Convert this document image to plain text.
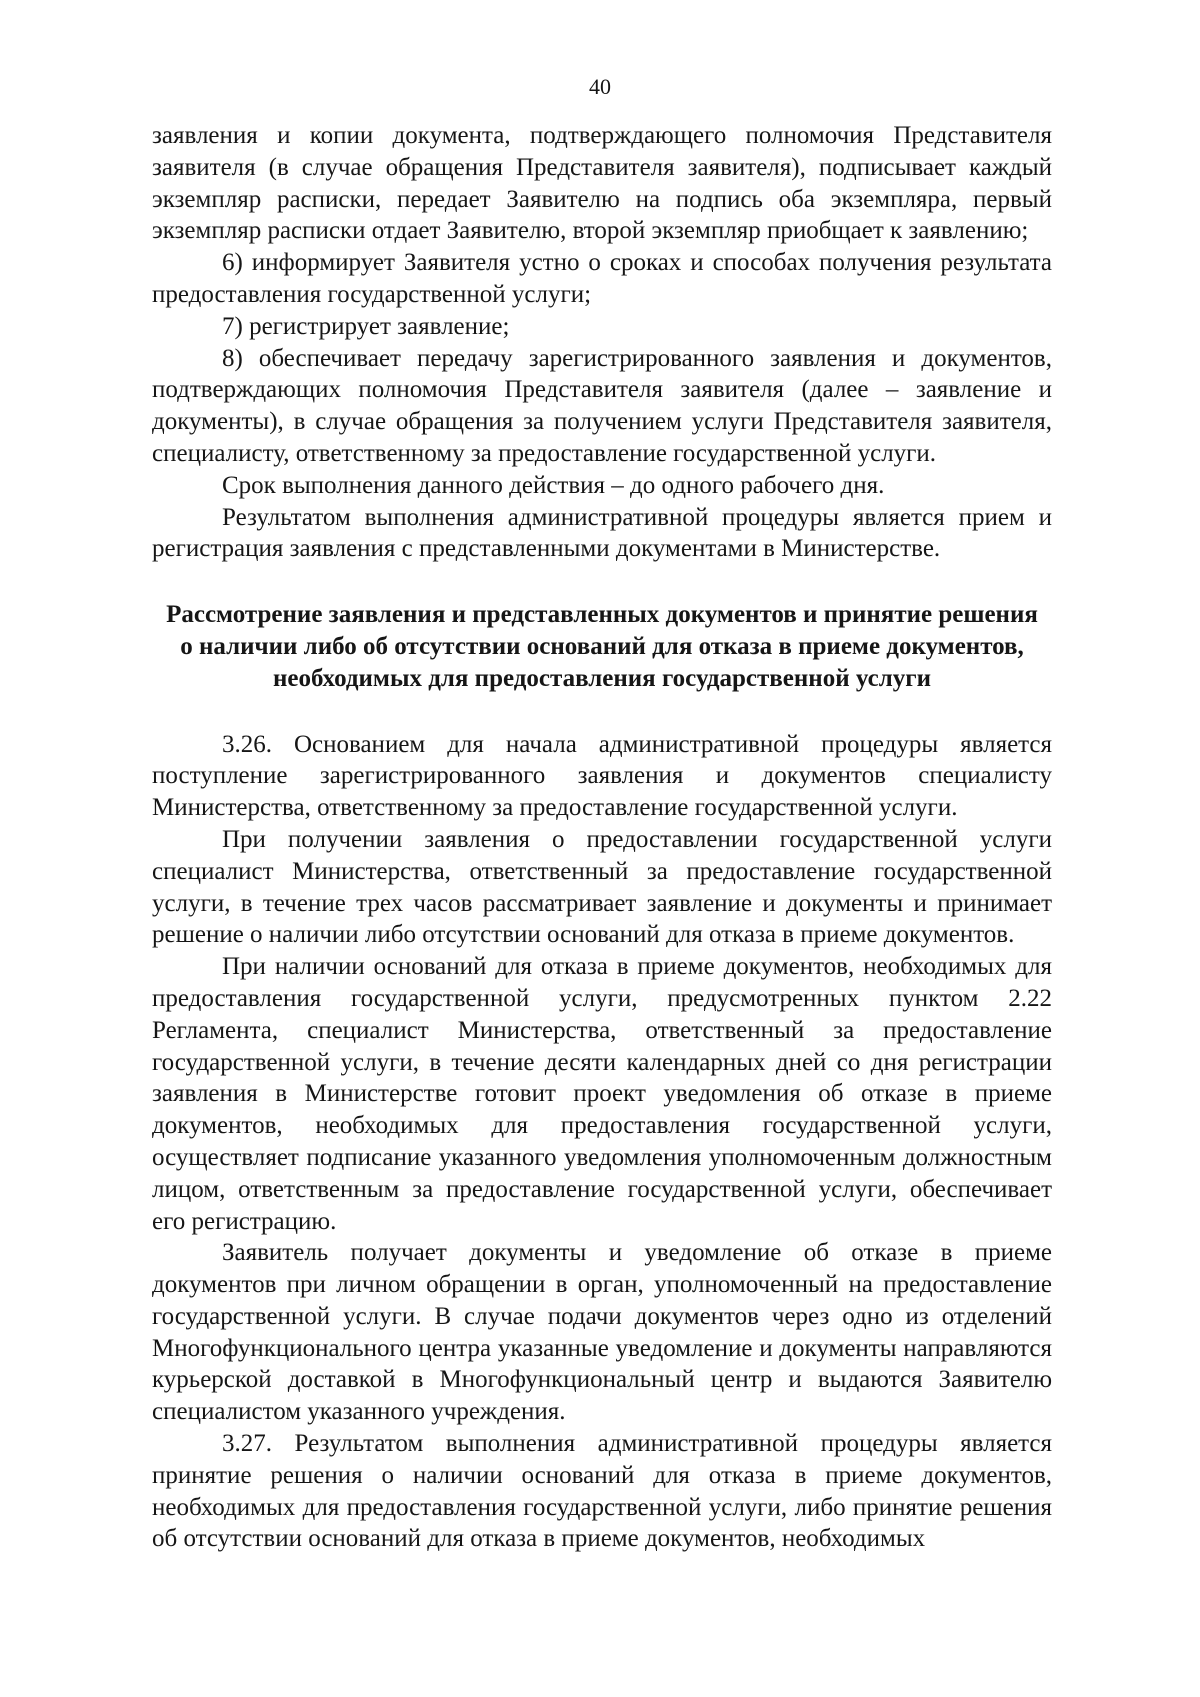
40

заявления и копии документа, подтверждающего полномочия Представителя заявителя (в случае обращения Представителя заявителя), подписывает каждый экземпляр расписки, передает Заявителю на подпись оба экземпляра, первый экземпляр расписки отдает Заявителю, второй экземпляр приобщает к заявлению;

6) информирует Заявителя устно о сроках и способах получения результата предоставления государственной услуги;

7) регистрирует заявление;

8) обеспечивает передачу зарегистрированного заявления и документов, подтверждающих полномочия Представителя заявителя (далее – заявление и документы), в случае обращения за получением услуги Представителя заявителя, специалисту, ответственному за предоставление государственной услуги.

Срок выполнения данного действия – до одного рабочего дня.

Результатом выполнения административной процедуры является прием и регистрация заявления с представленными документами в Министерстве.

Рассмотрение заявления и представленных документов и принятие решения
о наличии либо об отсутствии оснований для отказа в приеме документов,
необходимых для предоставления государственной услуги

3.26. Основанием для начала административной процедуры является поступление зарегистрированного заявления и документов специалисту Министерства, ответственному за предоставление государственной услуги.

При получении заявления о предоставлении государственной услуги специалист Министерства, ответственный за предоставление государственной услуги, в течение трех часов рассматривает заявление и документы и принимает решение о наличии либо отсутствии оснований для отказа в приеме документов.

При наличии оснований для отказа в приеме документов, необходимых для предоставления государственной услуги, предусмотренных пунктом 2.22 Регламента, специалист Министерства, ответственный за предоставление государственной услуги, в течение десяти календарных дней со дня регистрации заявления в Министерстве готовит проект уведомления об отказе в приеме документов, необходимых для предоставления государственной услуги, осуществляет подписание указанного уведомления уполномоченным должностным лицом, ответственным за предоставление государственной услуги, обеспечивает его регистрацию.

Заявитель получает документы и уведомление об отказе в приеме документов при личном обращении в орган, уполномоченный на предоставление государственной услуги. В случае подачи документов через одно из отделений Многофункционального центра указанные уведомление и документы направляются курьерской доставкой в Многофункциональный центр и выдаются Заявителю специалистом указанного учреждения.

3.27. Результатом выполнения административной процедуры является принятие решения о наличии оснований для отказа в приеме документов, необходимых для предоставления государственной услуги, либо принятие решения об отсутствии оснований для отказа в приеме документов, необходимых
